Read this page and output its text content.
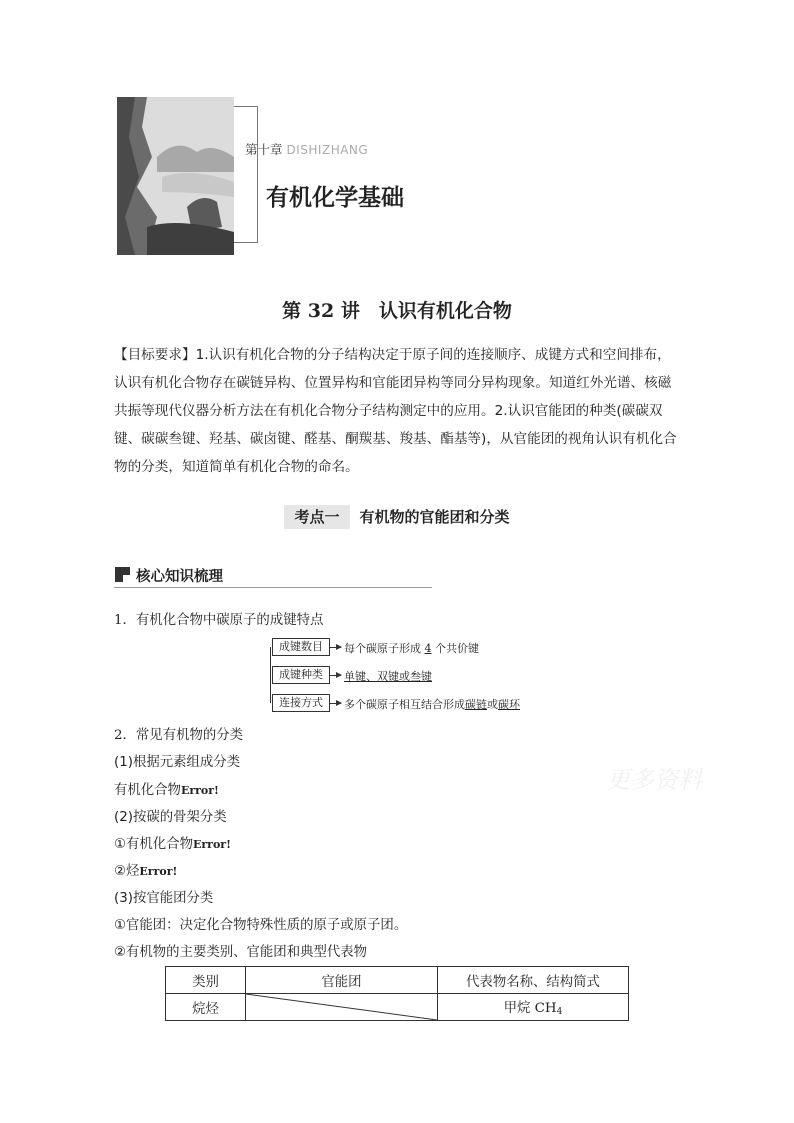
第十章 DISHIZHANG
有机化学基础
第 32 讲　认识有机化合物
【目标要求】1.认识有机化合物的分子结构决定于原子间的连接顺序、成键方式和空间排布，认识有机化合物存在碳链异构、位置异构和官能团异构等同分异构现象。知道红外光谱、核磁共振等现代仪器分析方法在有机化合物分子结构测定中的应用。2.认识官能团的种类(碳碳双键、碳碳叁键、羟基、碳卤键、醛基、酮羰基、羧基、酯基等)，从官能团的视角认识有机化合物的分类，知道简单有机化合物的命名。
考点一 有机物的官能团和分类
核心知识梳理
1．有机化合物中碳原子的成键特点
成键数目	每个碳原子形成 4 个共价键
成键种类	单键、双键或叁键
连接方式	多个碳原子相互结合形成碳链或碳环
2．常见有机物的分类
(1)根据元素组成分类
有机化合物Error!
(2)按碳的骨架分类
①有机化合物Error!
②烃Error!
(3)按官能团分类
①官能团：决定化合物特殊性质的原子或原子团。
②有机物的主要类别、官能团和典型代表物
更多资料
类别	官能团	代表物名称、结构简式
烷烃		甲烷 CH4
